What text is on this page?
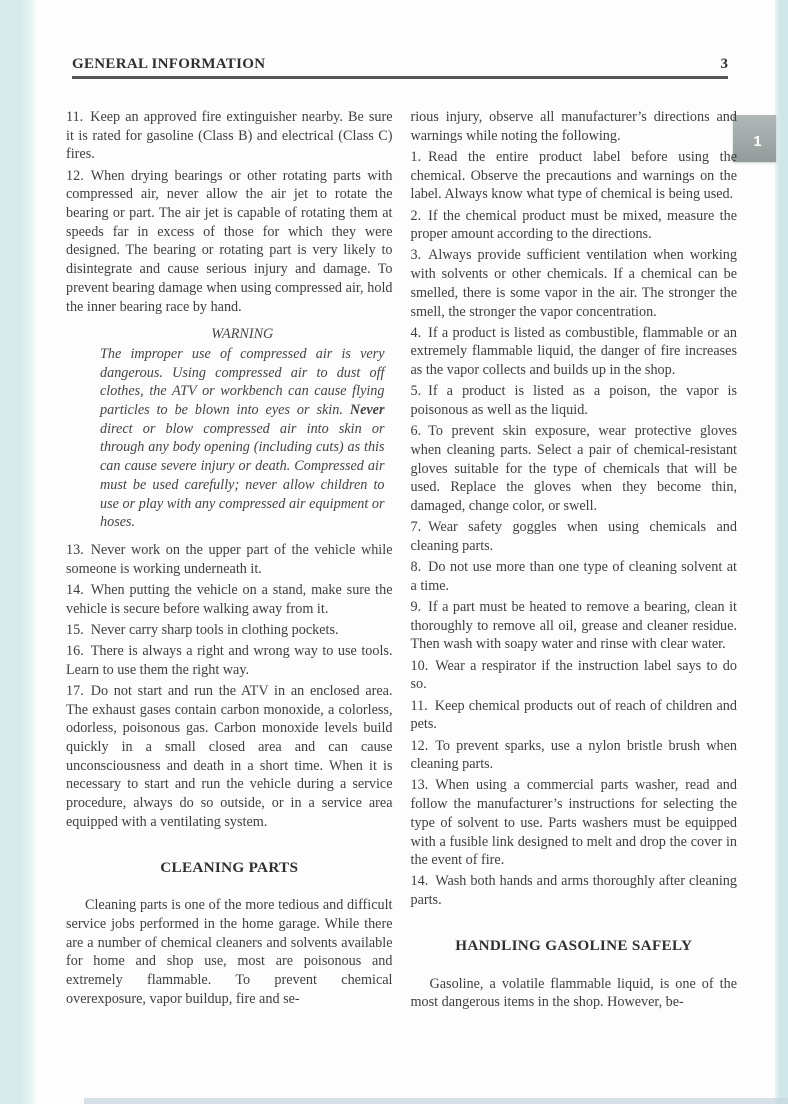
1
GENERAL INFORMATION	3

11. Keep an approved fire extinguisher nearby. Be sure it is rated for gasoline (Class B) and electrical (Class C) fires.

12. When drying bearings or other rotating parts with compressed air, never allow the air jet to rotate the bearing or part. The air jet is capable of rotating them at speeds far in excess of those for which they were designed. The bearing or rotating part is very likely to disintegrate and cause serious injury and damage. To prevent bearing damage when using compressed air, hold the inner bearing race by hand.

WARNING

The improper use of compressed air is very dangerous. Using compressed air to dust off clothes, the ATV or workbench can cause flying particles to be blown into eyes or skin. Never direct or blow compressed air into skin or through any body opening (including cuts) as this can cause severe injury or death. Compressed air must be used carefully; never allow children to use or play with any compressed air equipment or hoses.

13. Never work on the upper part of the vehicle while someone is working underneath it.

14. When putting the vehicle on a stand, make sure the vehicle is secure before walking away from it.

15. Never carry sharp tools in clothing pockets.

16. There is always a right and wrong way to use tools. Learn to use them the right way.

17. Do not start and run the ATV in an enclosed area. The exhaust gases contain carbon monoxide, a colorless, odorless, poisonous gas. Carbon monoxide levels build quickly in a small closed area and can cause unconsciousness and death in a short time. When it is necessary to start and run the vehicle during a service procedure, always do so outside, or in a service area equipped with a ventilating system.

CLEANING PARTS

Cleaning parts is one of the more tedious and difficult service jobs performed in the home garage. While there are a number of chemical cleaners and solvents available for home and shop use, most are poisonous and extremely flammable. To prevent chemical overexposure, vapor buildup, fire and se-

rious injury, observe all manufacturer’s directions and warnings while noting the following.

1. Read the entire product label before using the chemical. Observe the precautions and warnings on the label. Always know what type of chemical is being used.

2. If the chemical product must be mixed, measure the proper amount according to the directions.

3. Always provide sufficient ventilation when working with solvents or other chemicals. If a chemical can be smelled, there is some vapor in the air. The stronger the smell, the stronger the vapor concentration.

4. If a product is listed as combustible, flammable or an extremely flammable liquid, the danger of fire increases as the vapor collects and builds up in the shop.

5. If a product is listed as a poison, the vapor is poisonous as well as the liquid.

6. To prevent skin exposure, wear protective gloves when cleaning parts. Select a pair of chemical-resistant gloves suitable for the type of chemicals that will be used. Replace the gloves when they become thin, damaged, change color, or swell.

7. Wear safety goggles when using chemicals and cleaning parts.

8. Do not use more than one type of cleaning solvent at a time.

9. If a part must be heated to remove a bearing, clean it thoroughly to remove all oil, grease and cleaner residue. Then wash with soapy water and rinse with clear water.

10. Wear a respirator if the instruction label says to do so.

11. Keep chemical products out of reach of children and pets.

12. To prevent sparks, use a nylon bristle brush when cleaning parts.

13. When using a commercial parts washer, read and follow the manufacturer’s instructions for selecting the type of solvent to use. Parts washers must be equipped with a fusible link designed to melt and drop the cover in the event of fire.

14. Wash both hands and arms thoroughly after cleaning parts.

HANDLING GASOLINE SAFELY

Gasoline, a volatile flammable liquid, is one of the most dangerous items in the shop. However, be-
